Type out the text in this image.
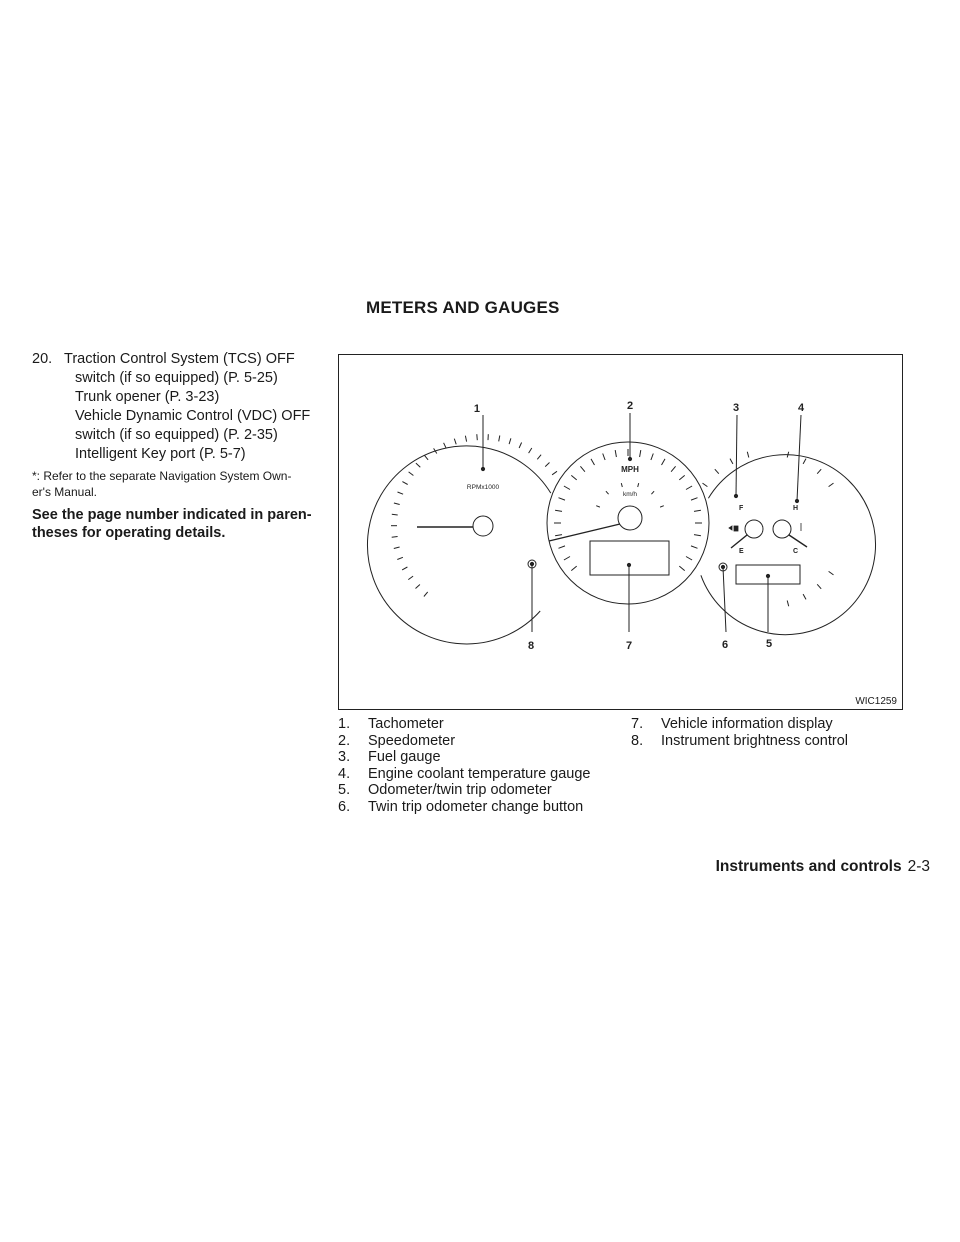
METERS AND GAUGES
20. Traction Control System (TCS) OFF
switch (if so equipped) (P. 5-25)
Trunk opener (P. 3-23)
Vehicle Dynamic Control (VDC) OFF
switch (if so equipped) (P. 2-35)
Intelligent Key port (P. 5-7)
*: Refer to the separate Navigation System Own-
er's Manual.
See the page number indicated in paren-
theses for operating details.
1	2	3	4
5
6
7
8
RPMx1000
MPH
km/h
F
E
H
C
WIC1259
1.	Tachometer
2.	Speedometer
3.	Fuel gauge
4.	Engine coolant temperature gauge
5.	Odometer/twin trip odometer
6.	Twin trip odometer change button
7.	Vehicle information display
8.	Instrument brightness control
Instruments and controls 2-3
